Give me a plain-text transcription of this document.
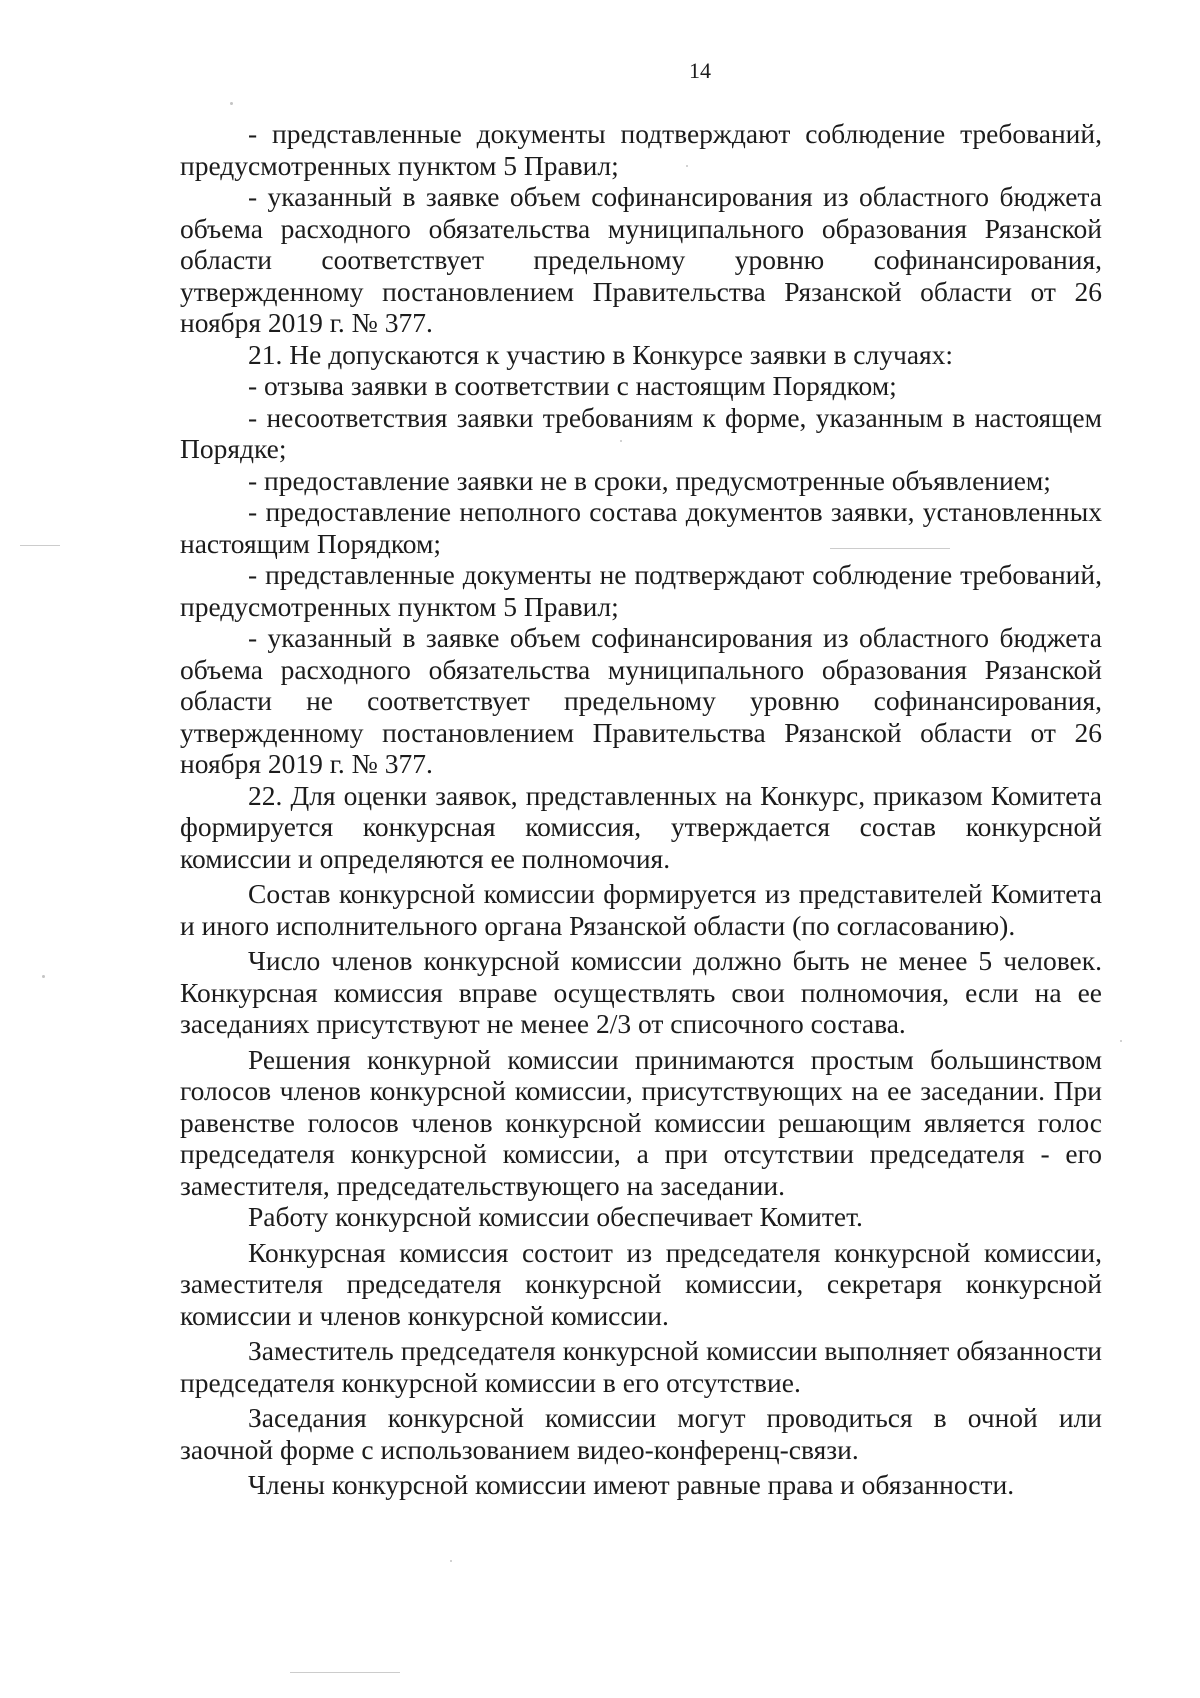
14

- представленные документы подтверждают соблюдение требований, предусмотренных пунктом 5 Правил;

- указанный в заявке объем софинансирования из областного бюджета объема расходного обязательства муниципального образования Рязанской области соответствует предельному уровню софинансирования, утвержденному постановлением Правительства Рязанской области от 26 ноября 2019 г. № 377.

21. Не допускаются к участию в Конкурсе заявки в случаях:

- отзыва заявки в соответствии с настоящим Порядком;

- несоответствия заявки требованиям к форме, указанным в настоящем Порядке;

- предоставление заявки не в сроки, предусмотренные объявлением;

- предоставление неполного состава документов заявки, установленных настоящим Порядком;

- представленные документы не подтверждают соблюдение требований, предусмотренных пунктом 5 Правил;

- указанный в заявке объем софинансирования из областного бюджета объема расходного обязательства муниципального образования Рязанской области не соответствует предельному уровню софинансирования, утвержденному постановлением Правительства Рязанской области от 26 ноября 2019 г. № 377.

22. Для оценки заявок, представленных на Конкурс, приказом Комитета формируется конкурсная комиссия, утверждается состав конкурсной комиссии и определяются ее полномочия.

Состав конкурсной комиссии формируется из представителей Комитета и иного исполнительного органа Рязанской области (по согласованию).

Число членов конкурсной комиссии должно быть не менее 5 человек. Конкурсная комиссия вправе осуществлять свои полномочия, если на ее заседаниях присутствуют не менее 2/3 от списочного состава.

Решения конкурной комиссии принимаются простым большинством голосов членов конкурсной комиссии, присутствующих на ее заседании. При равенстве голосов членов конкурсной комиссии решающим является голос председателя конкурсной комиссии, а при отсутствии председателя - его заместителя, председательствующего на заседании.

Работу конкурсной комиссии обеспечивает Комитет.

Конкурсная комиссия состоит из председателя конкурсной комиссии, заместителя председателя конкурсной комиссии, секретаря конкурсной комиссии и членов конкурсной комиссии.

Заместитель председателя конкурсной комиссии выполняет обязанности председателя конкурсной комиссии в его отсутствие.

Заседания конкурсной комиссии могут проводиться в очной или заочной форме с использованием видео-конференц-связи.

Члены конкурсной комиссии имеют равные права и обязанности.
